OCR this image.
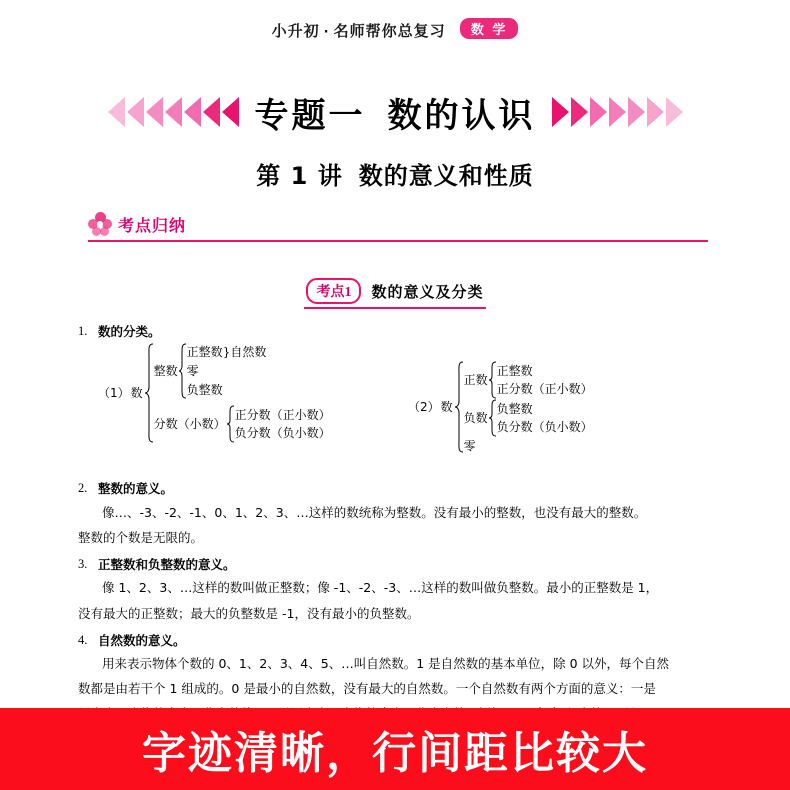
小升初 · 名师帮你总复习 数 学
专题一 数的认识
第 1 讲 数的意义和性质
考点归纳
考点1 数的意义及分类
1. 数的分类。
（1） 数
整数
正整数}自然数
零
负整数
分数（小数）
正分数（正小数）
负分数（负小数）
（2） 数
正数
正整数
正分数（正小数）
负数
负整数
负分数（负小数）
零
2. 整数的意义。
像…、-3、-2、-1、0、1、2、3、…这样的数统称为整数。没有最小的整数，也没有最大的整数。
整数的个数是无限的。
3. 正整数和负整数的意义。
像 1、2、3、…这样的数叫做正整数；像 -1、-2、-3、…这样的数叫做负整数。最小的正整数是 1，
没有最大的正整数；最大的负整数是 -1，没有最小的负整数。
4. 自然数的意义。
用来表示物体个数的 0、1、2、3、4、5、…叫自然数。1 是自然数的基本单位，除 0 以外，每个自然
数都是由若干个 1 组成的。0 是最小的自然数，没有最大的自然数。一个自然数有两个方面的意义：一是
字迹清晰，行间距比较大
